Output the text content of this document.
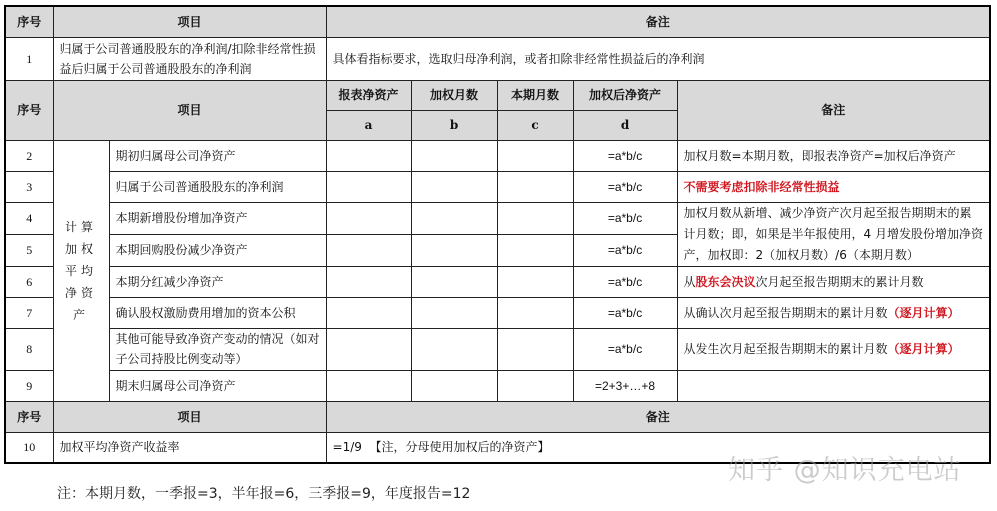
序号	项目		备注				
1	归属于公司普通股股东的净利润/扣除非经常性损益后归属于公司普通股股东的净利润		具体看指标要求，选取归母净利润，或者扣除非经常性损益后的净利润				
序号	项目		报表净资产	加权月数	本期月数	加权后净资产	备注
			a	b	c	d	
2	计算加权平均净资产	期初归属母公司净资产				=a*b/c	加权月数=本期月数，即报表净资产=加权后净资产
3		归属于公司普通股股东的净利润				=a*b/c	不需要考虑扣除非经常性损益
4		本期新增股份增加净资产				=a*b/c	加权月数从新增、减少净资产次月起至报告期期末的累计月数；即，如果是半年报使用，4 月增发股份增加净资产，加权即：2（加权月数）/6（本期月数）
5		本期回购股份减少净资产				=a*b/c	
6		本期分红减少净资产				=a*b/c	从股东会决议次月起至报告期期末的累计月数
7		确认股权激励费用增加的资本公积				=a*b/c	从确认次月起至报告期期末的累计月数（逐月计算）
8		其他可能导致净资产变动的情况（如对子公司持股比例变动等）				=a*b/c	从发生次月起至报告期期末的累计月数（逐月计算）
9		期末归属母公司净资产				=2+3+…+8	
序号	项目		备注				
10	加权平均净资产收益率		=1/9  【注，分母使用加权后的净资产】				
注：本期月数，一季报=3，半年报=6，三季报=9，年度报告=12
知乎 @知识充电站
